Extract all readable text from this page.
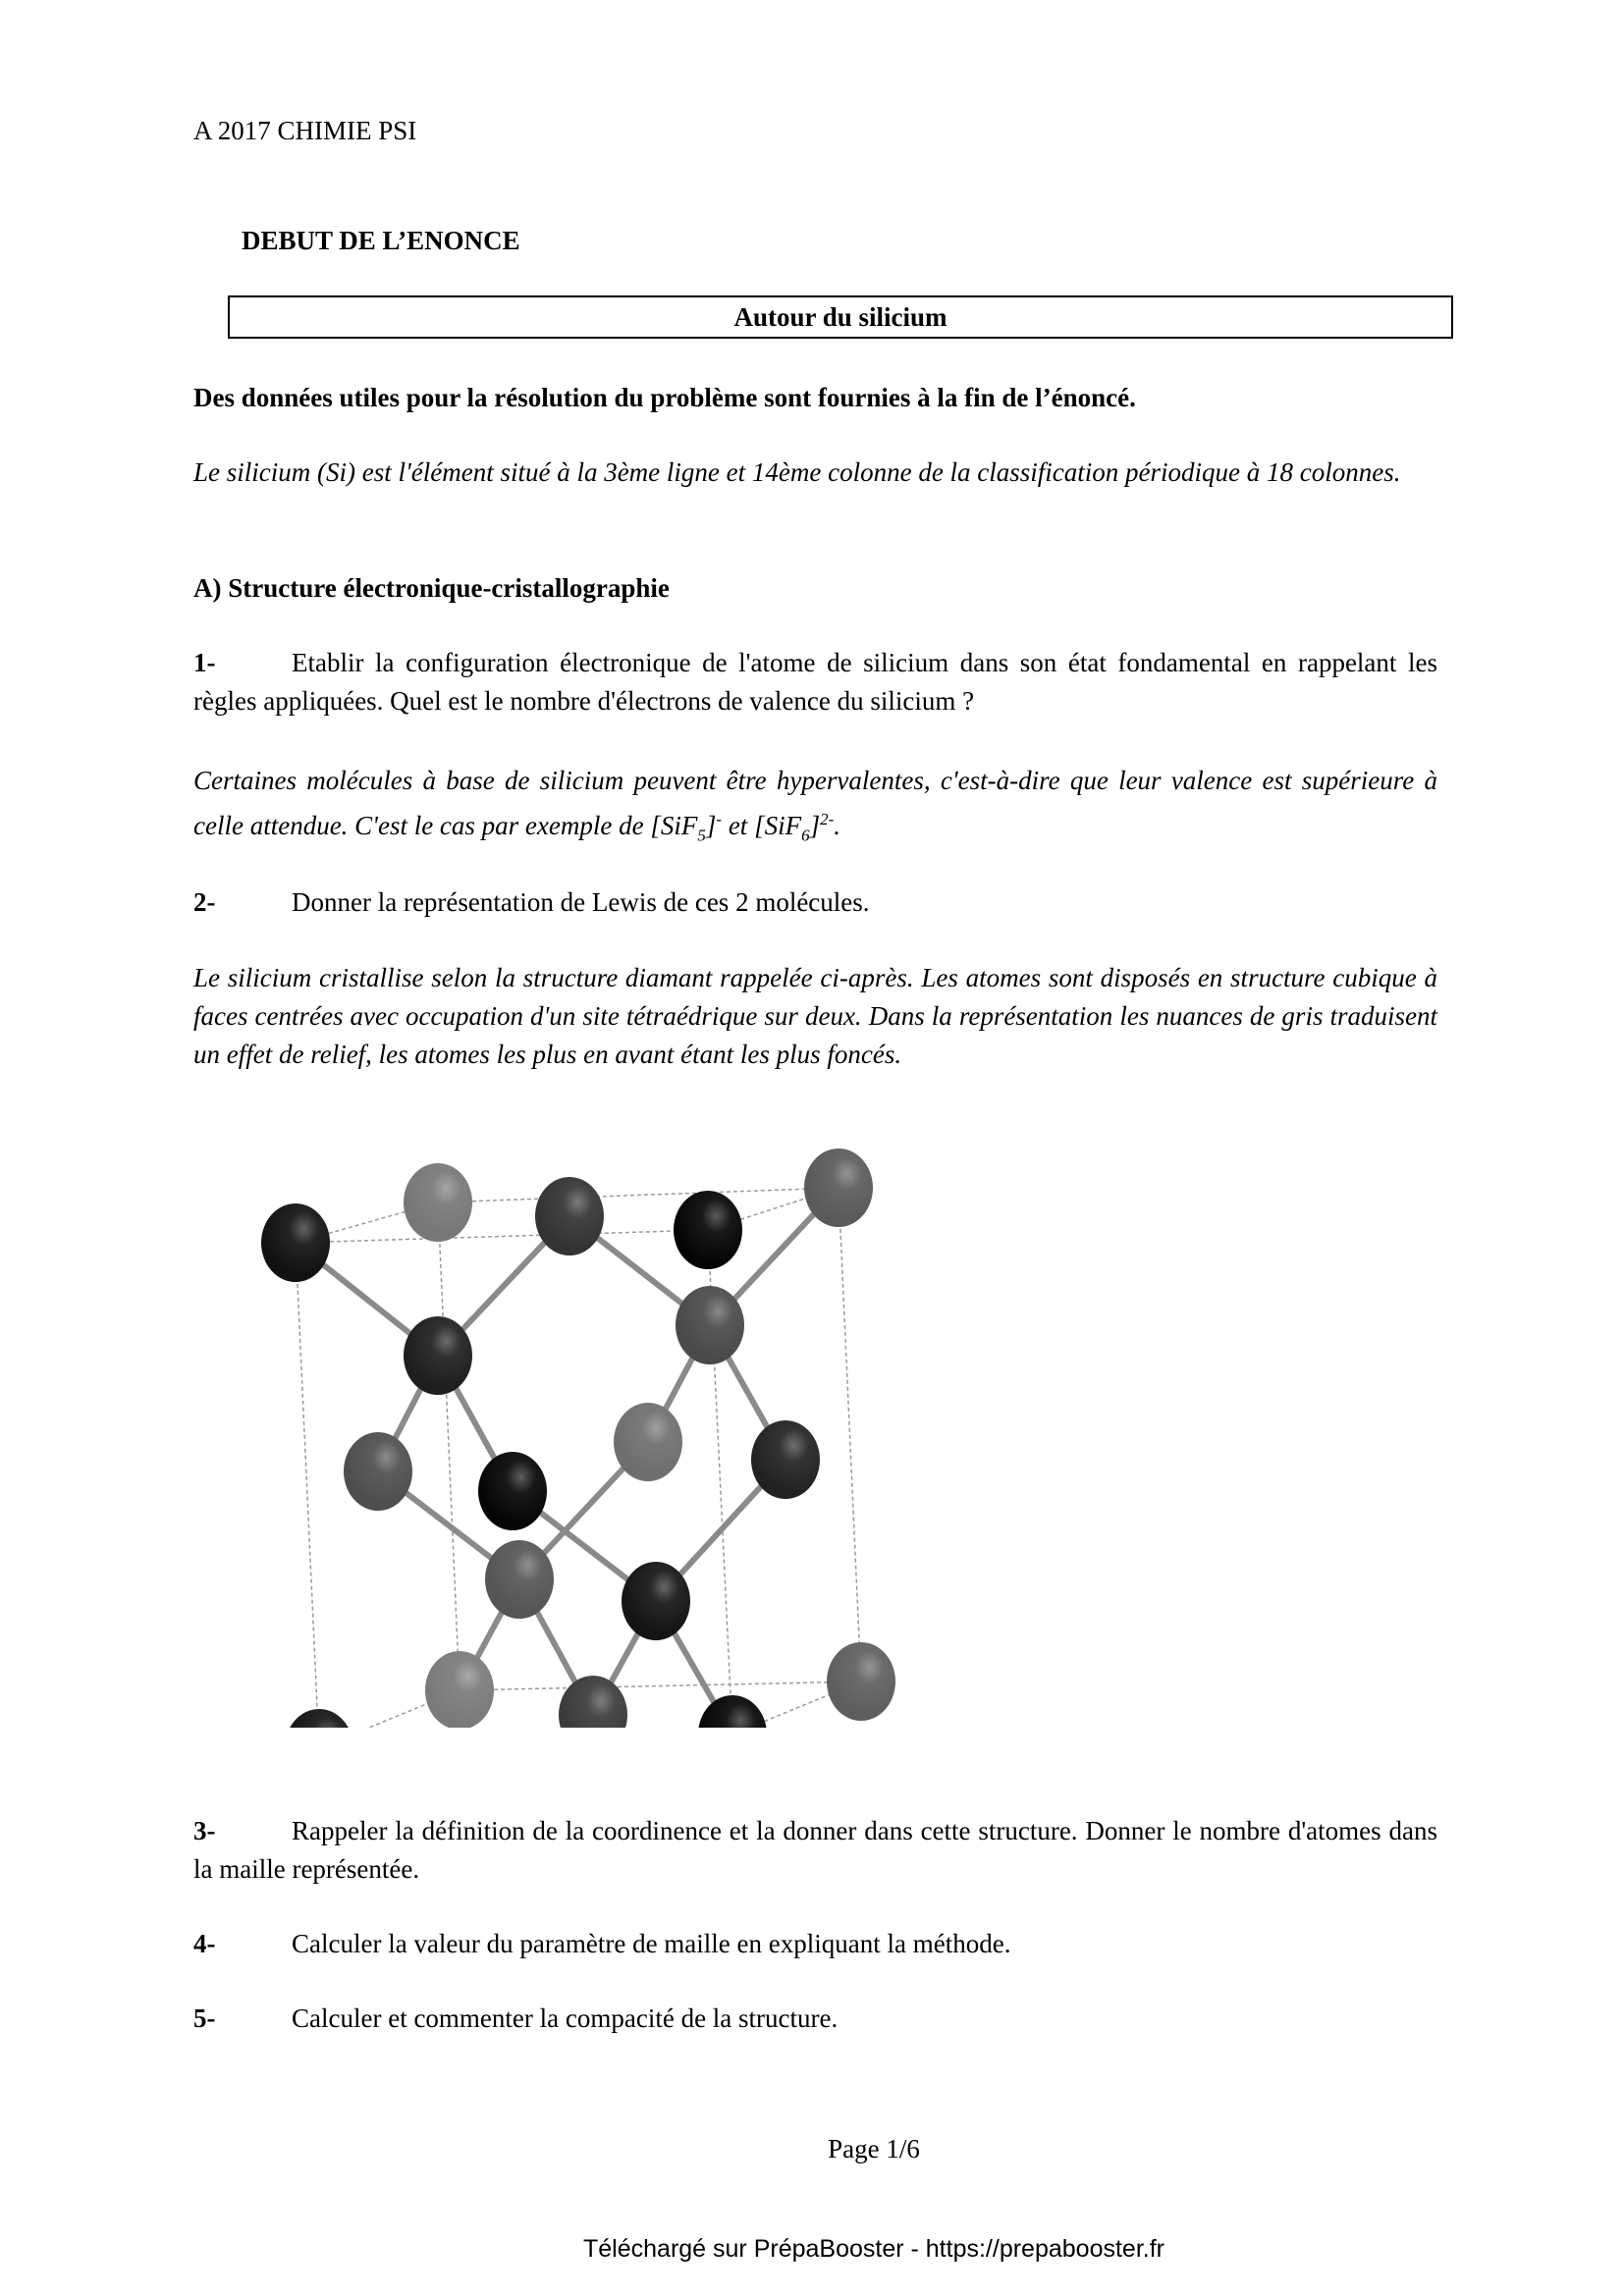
A 2017 CHIMIE PSI
DEBUT DE L’ENONCE
Autour du silicium
Des données utiles pour la résolution du problème sont fournies à la fin de l’énoncé.
Le silicium (Si) est l'élément situé à la 3ème ligne et 14ème colonne de la classification périodique à 18 colonnes.
A) Structure électronique-cristallographie
1-	Etablir la configuration électronique de l'atome de silicium dans son état fondamental en rappelant les règles appliquées. Quel est le nombre d'électrons de valence du silicium ?
Certaines molécules à base de silicium peuvent être hypervalentes, c'est-à-dire que leur valence est supérieure à celle attendue. C'est le cas par exemple de [SiF$_5$]- et $[SiF_6]^{2-}$.
2-	Donner la représentation de Lewis de ces 2 molécules.
Le silicium cristallise selon la structure diamant rappelée ci-après. Les atomes sont disposés en structure cubique à faces centrées avec occupation d'un site tétraédrique sur deux. Dans la représentation les nuances de gris traduisent un effet de relief, les atomes les plus en avant étant les plus foncés.
3-	Rappeler la définition de la coordinence et la donner dans cette structure. Donner le nombre d'atomes dans la maille représentée.
4-	Calculer la valeur du paramètre de maille en expliquant la méthode.
5-	Calculer et commenter la compacité de la structure.
Page 1/6
Téléchargé sur PrépaBooster - https://prepabooster.fr
